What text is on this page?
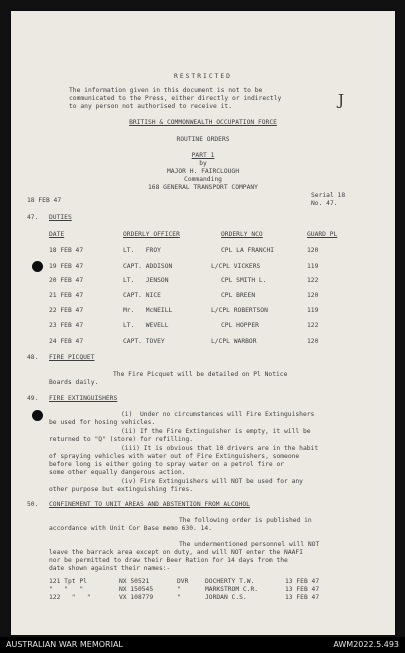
RESTRICTED
The information given in this document is not to be
communicated to the Press, either directly or indirectly
to any person not authorised to receive it.	J
BRITISH & COMMONWEALTH OCCUPATION FORCE
ROUTINE ORDERS
PART 1
by
MAJOR H. FAIRCLOUGH
Commanding
168 GENERAL TRANSPORT COMPANY
18 FEB 47
Serial 18
No. 47.
47. DUTIES
DATE	ORDERLY OFFICER	ORDERLY NCO	GUARD PL
18 FEB 47	LT.   FROY	CPL LA FRANCHI	120
19 FEB 47	CAPT. ADDISON	L/CPL VICKERS	119
20 FEB 47	LT.   JENSON	CPL SMITH L.	122
21 FEB 47	CAPT. NICE	CPL BREEN	120
22 FEB 47	Mr.   McNEILL	L/CPL ROBERTSON	119
23 FEB 47	LT.   WEVELL	CPL HOPPER	122
24 FEB 47	CAPT. TOVEY	L/CPL WARBOR	120
48. FIRE PICQUET
The Fire Picquet will be detailed on Pl Notice
Boards daily.
49. FIRE EXTINGUISHERS
(i)  Under no circumstances will Fire Extinguishers
be used for hosing vehicles.
(ii) If the Fire Extinguisher is empty, it will be
returned to "Q" (store) for refilling.
(iii) It is obvious that 10 drivers are in the habit
of spraying vehicles with water out of Fire Extinguishers, someone
before long is either going to spray water on a petrol fire or
some other equally dangerous action.
(iv) Fire Extinguishers will NOT be used for any
other purpose but extinguishing fires.
50. CONFINEMENT TO UNIT AREAS AND ABSTENTION FROM ALCOHOL
The following order is published in
accordance with Unit Cor Base memo 630. 14.
The undermentioned personnel will NOT
leave the barrack area except on duty, and will NOT enter the NAAFI
nor be permitted to draw their Beer Ration for 14 days from the
date shown against their names:-
121 Tpt Pl	NX 50521	DVR	DOCHERTY T.W.	13 FEB 47
"   "   "	NX 150545	"	MARKSTROM C.R.	13 FEB 47
122   "   "	VX 108779	"	JORDAN C.S.	13 FEB 47
AUSTRALIAN WAR MEMORIAL	AWM2022.5.493
